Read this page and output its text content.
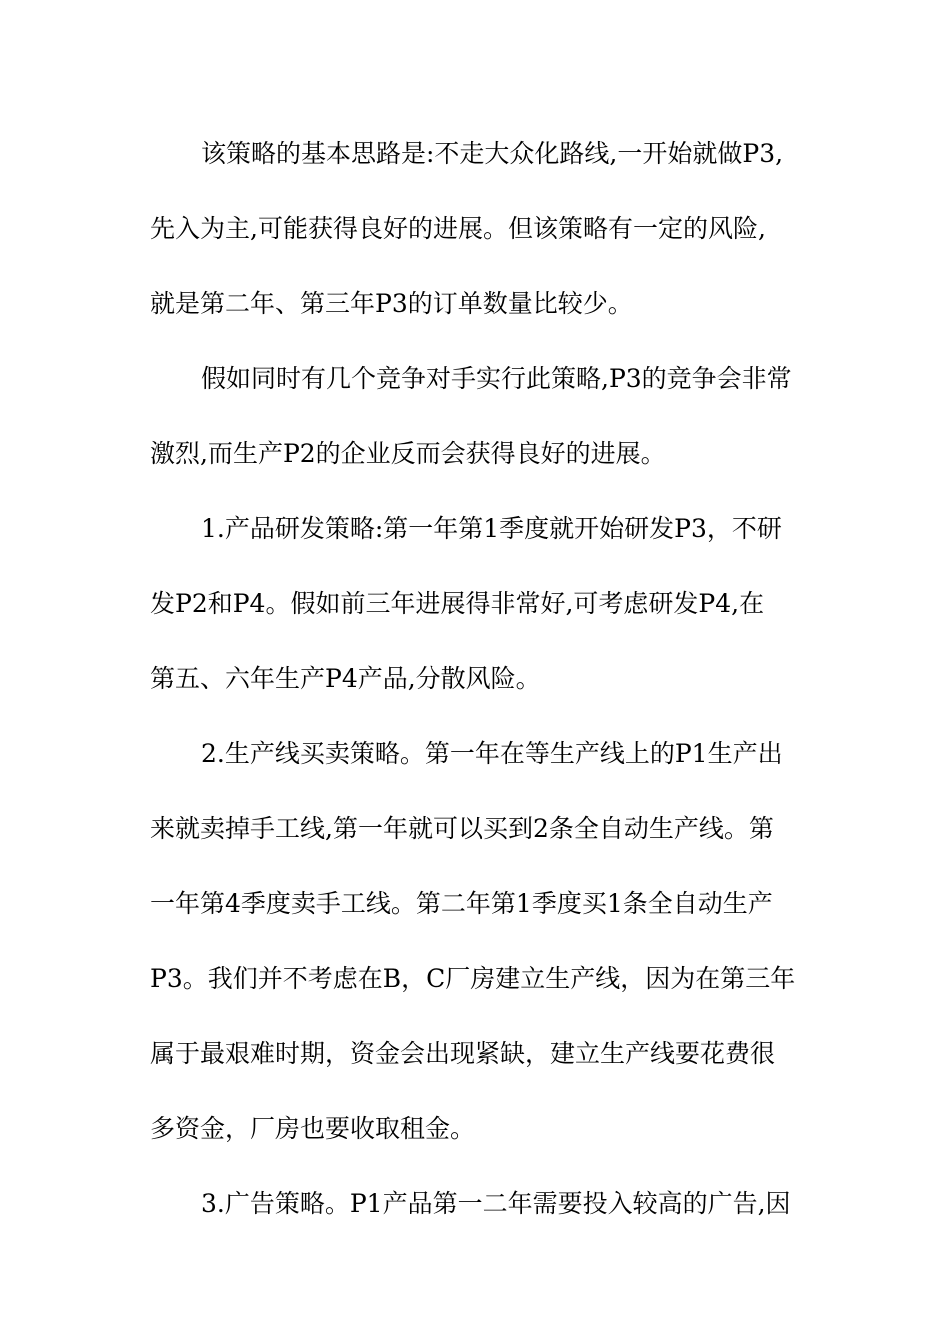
该策略的基本思路是:不走大众化路线,一开始就做P3,
先入为主,可能获得良好的进展。但该策略有一定的风险,
就是第二年、第三年P3的订单数量比较少。
假如同时有几个竞争对手实行此策略,P3的竞争会非常
激烈,而生产P2的企业反而会获得良好的进展。
1.产品研发策略:第一年第1季度就开始研发P3，不研
发P2和P4。假如前三年进展得非常好,可考虑研发P4,在
第五、六年生产P4产品,分散风险。
2.生产线买卖策略。第一年在等生产线上的P1生产出
来就卖掉手工线,第一年就可以买到2条全自动生产线。第
一年第4季度卖手工线。第二年第1季度买1条全自动生产
P3。我们并不考虑在B，C厂房建立生产线，因为在第三年
属于最艰难时期，资金会出现紧缺，建立生产线要花费很
多资金，厂房也要收取租金。
3.广告策略。P1产品第一二年需要投入较高的广告,因
